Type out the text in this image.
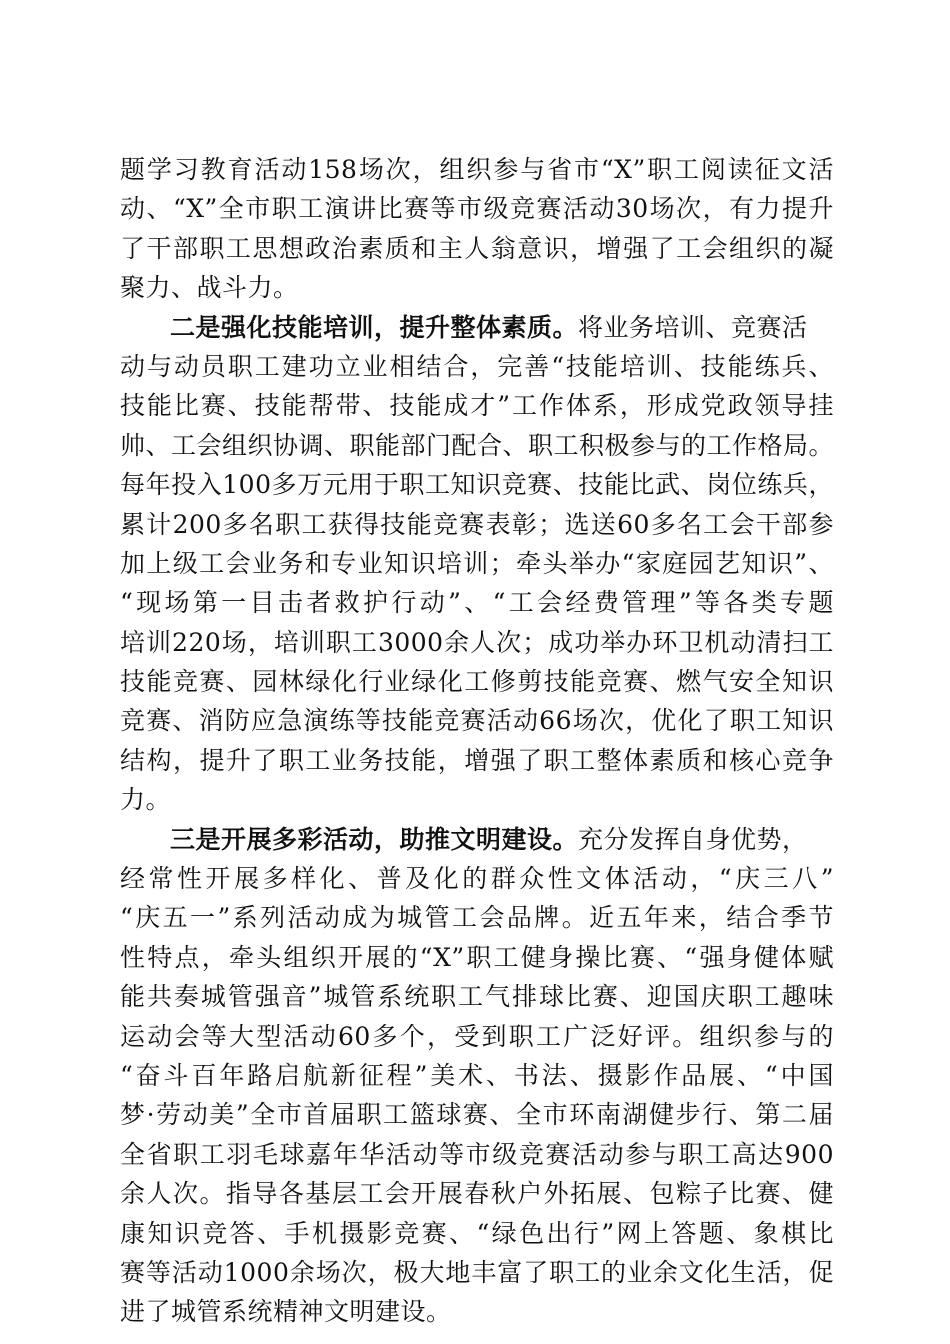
题学习教育活动158场次，组织参与省市“X”职工阅读征文活
动、“X”全市职工演讲比赛等市级竞赛活动30场次，有力提升
了干部职工思想政治素质和主人翁意识，增强了工会组织的凝
聚力、战斗力。
二是强化技能培训，提升整体素质。将业务培训、竞赛活
动与动员职工建功立业相结合，完善“技能培训、技能练兵、
技能比赛、技能帮带、技能成才”工作体系，形成党政领导挂
帅、工会组织协调、职能部门配合、职工积极参与的工作格局。
每年投入100多万元用于职工知识竞赛、技能比武、岗位练兵，
累计200多名职工获得技能竞赛表彰；选送60多名工会干部参
加上级工会业务和专业知识培训；牵头举办“家庭园艺知识”、
“现场第一目击者救护行动”、“工会经费管理”等各类专题
培训220场，培训职工3000余人次；成功举办环卫机动清扫工
技能竞赛、园林绿化行业绿化工修剪技能竞赛、燃气安全知识
竞赛、消防应急演练等技能竞赛活动66场次，优化了职工知识
结构，提升了职工业务技能，增强了职工整体素质和核心竞争
力。
三是开展多彩活动，助推文明建设。充分发挥自身优势，
经常性开展多样化、普及化的群众性文体活动，“庆三八”
“庆五一”系列活动成为城管工会品牌。近五年来，结合季节
性特点，牵头组织开展的“X”职工健身操比赛、“强身健体赋
能共奏城管强音”城管系统职工气排球比赛、迎国庆职工趣味
运动会等大型活动60多个，受到职工广泛好评。组织参与的
“奋斗百年路启航新征程”美术、书法、摄影作品展、“中国
梦·劳动美”全市首届职工篮球赛、全市环南湖健步行、第二届
全省职工羽毛球嘉年华活动等市级竞赛活动参与职工高达900
余人次。指导各基层工会开展春秋户外拓展、包粽子比赛、健
康知识竞答、手机摄影竞赛、“绿色出行”网上答题、象棋比
赛等活动1000余场次，极大地丰富了职工的业余文化生活，促
进了城管系统精神文明建设。
